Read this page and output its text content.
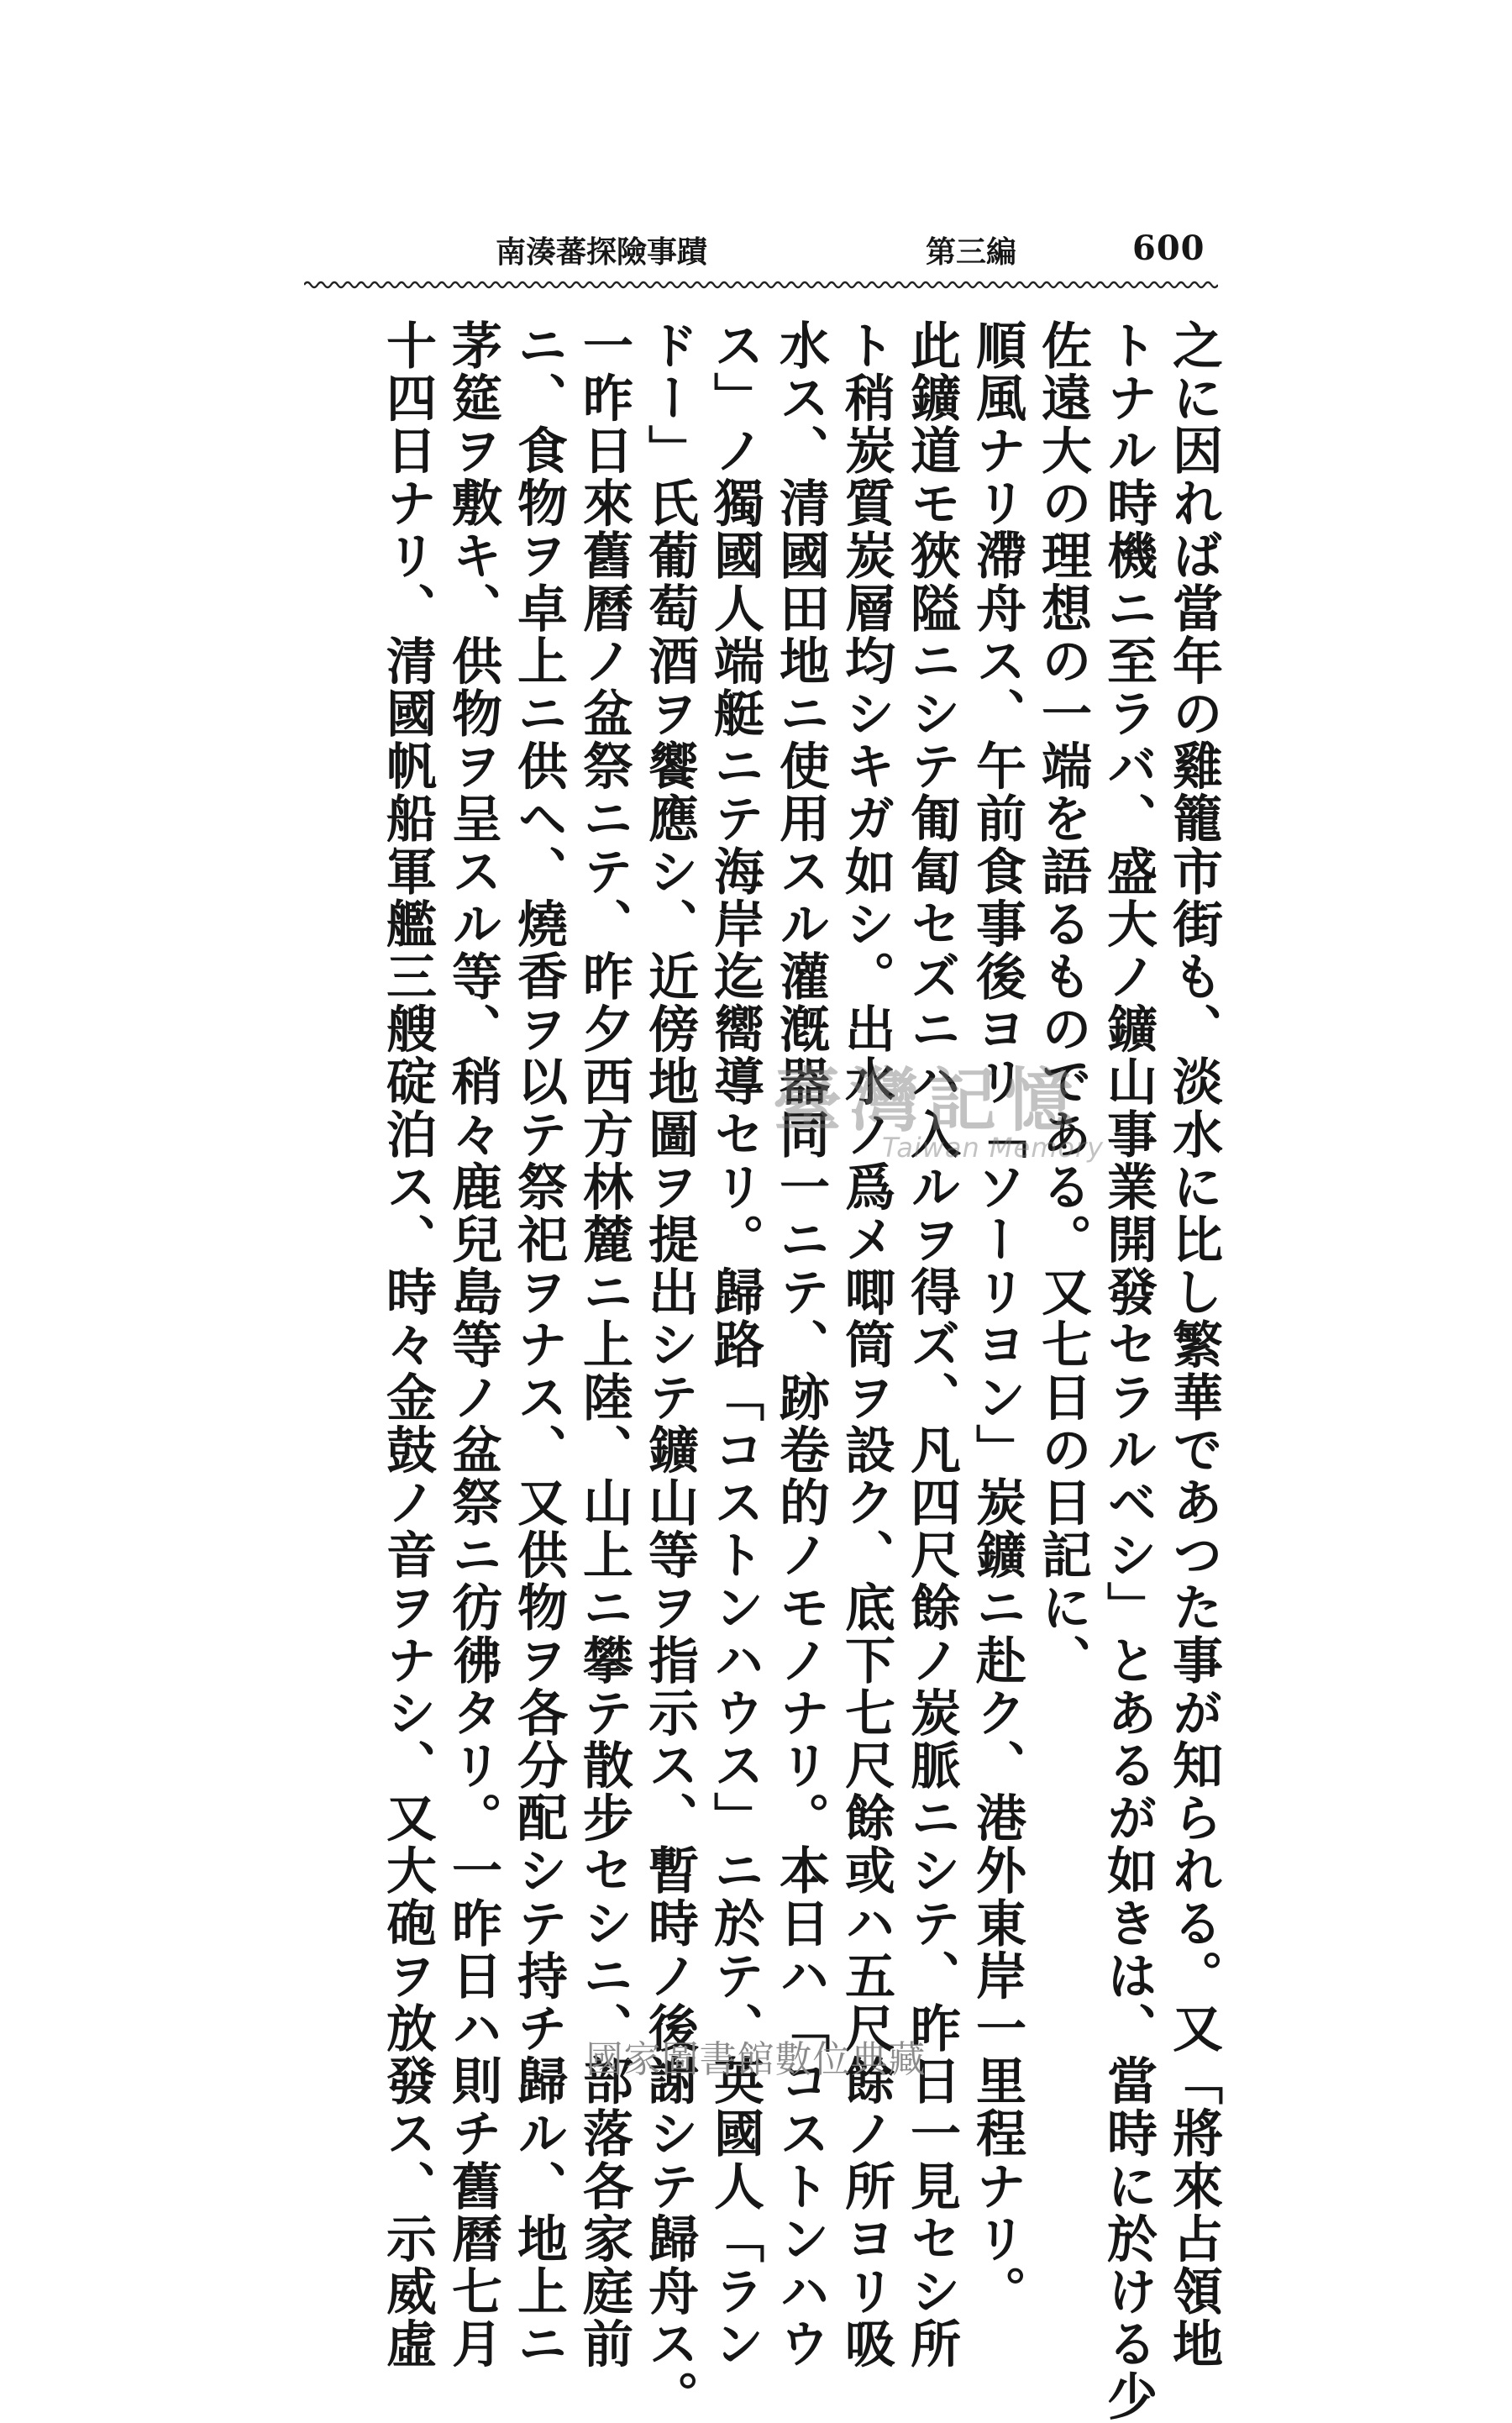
600
南湊蕃探險事蹟	第三編
之に因れば當年の雞籠市街も、淡水に比し繁華であつた事が知られる。又「將來占領地
トナル時機ニ至ラバ、盛大ノ鑛山事業開發セラルベシ」とあるが如きは、當時に於ける少
佐遠大の理想の一端を語るものである。又七日の日記に、
順風ナリ滯舟ス、午前食事後ヨリ「ソーリヨン」炭鑛ニ赴ク、港外東岸一里程ナリ。
此鑛道モ狹隘ニシテ匍匐セズニハ入ルヲ得ズ、凡四尺餘ノ炭脈ニシテ、昨日一見セシ所
ト稍炭質炭層均シキガ如シ。出水ノ爲メ唧筒ヲ設ク、底下七尺餘或ハ五尺餘ノ所ヨリ吸
水ス、清國田地ニ使用スル灌漑器同一ニテ、跡卷的ノモノナリ。本日ハ「コストンハウ
ス」ノ獨國人端艇ニテ海岸迄嚮導セリ。歸路「コストンハウス」ニ於テ、英國人「ラン
ドー」氏葡萄酒ヲ饗應シ、近傍地圖ヲ提出シテ鑛山等ヲ指示ス、暫時ノ後謝シテ歸舟ス。
一昨日來舊曆ノ盆祭ニテ、昨夕西方林麓ニ上陸、山上ニ攀テ散步セシニ、部落各家庭前
ニ、食物ヲ卓上ニ供ヘ、燒香ヲ以テ祭祀ヲナス、又供物ヲ各分配シテ持チ歸ル、地上ニ
茅筵ヲ敷キ、供物ヲ呈スル等、稍々鹿兒島等ノ盆祭ニ彷彿タリ。一昨日ハ則チ舊曆七月
十四日ナリ、清國帆船軍艦三艘碇泊ス、時々金鼓ノ音ヲナシ、又大砲ヲ放發ス、示威虛	臺灣記憶
Taiwan Memory
國家圖書館數位典藏
